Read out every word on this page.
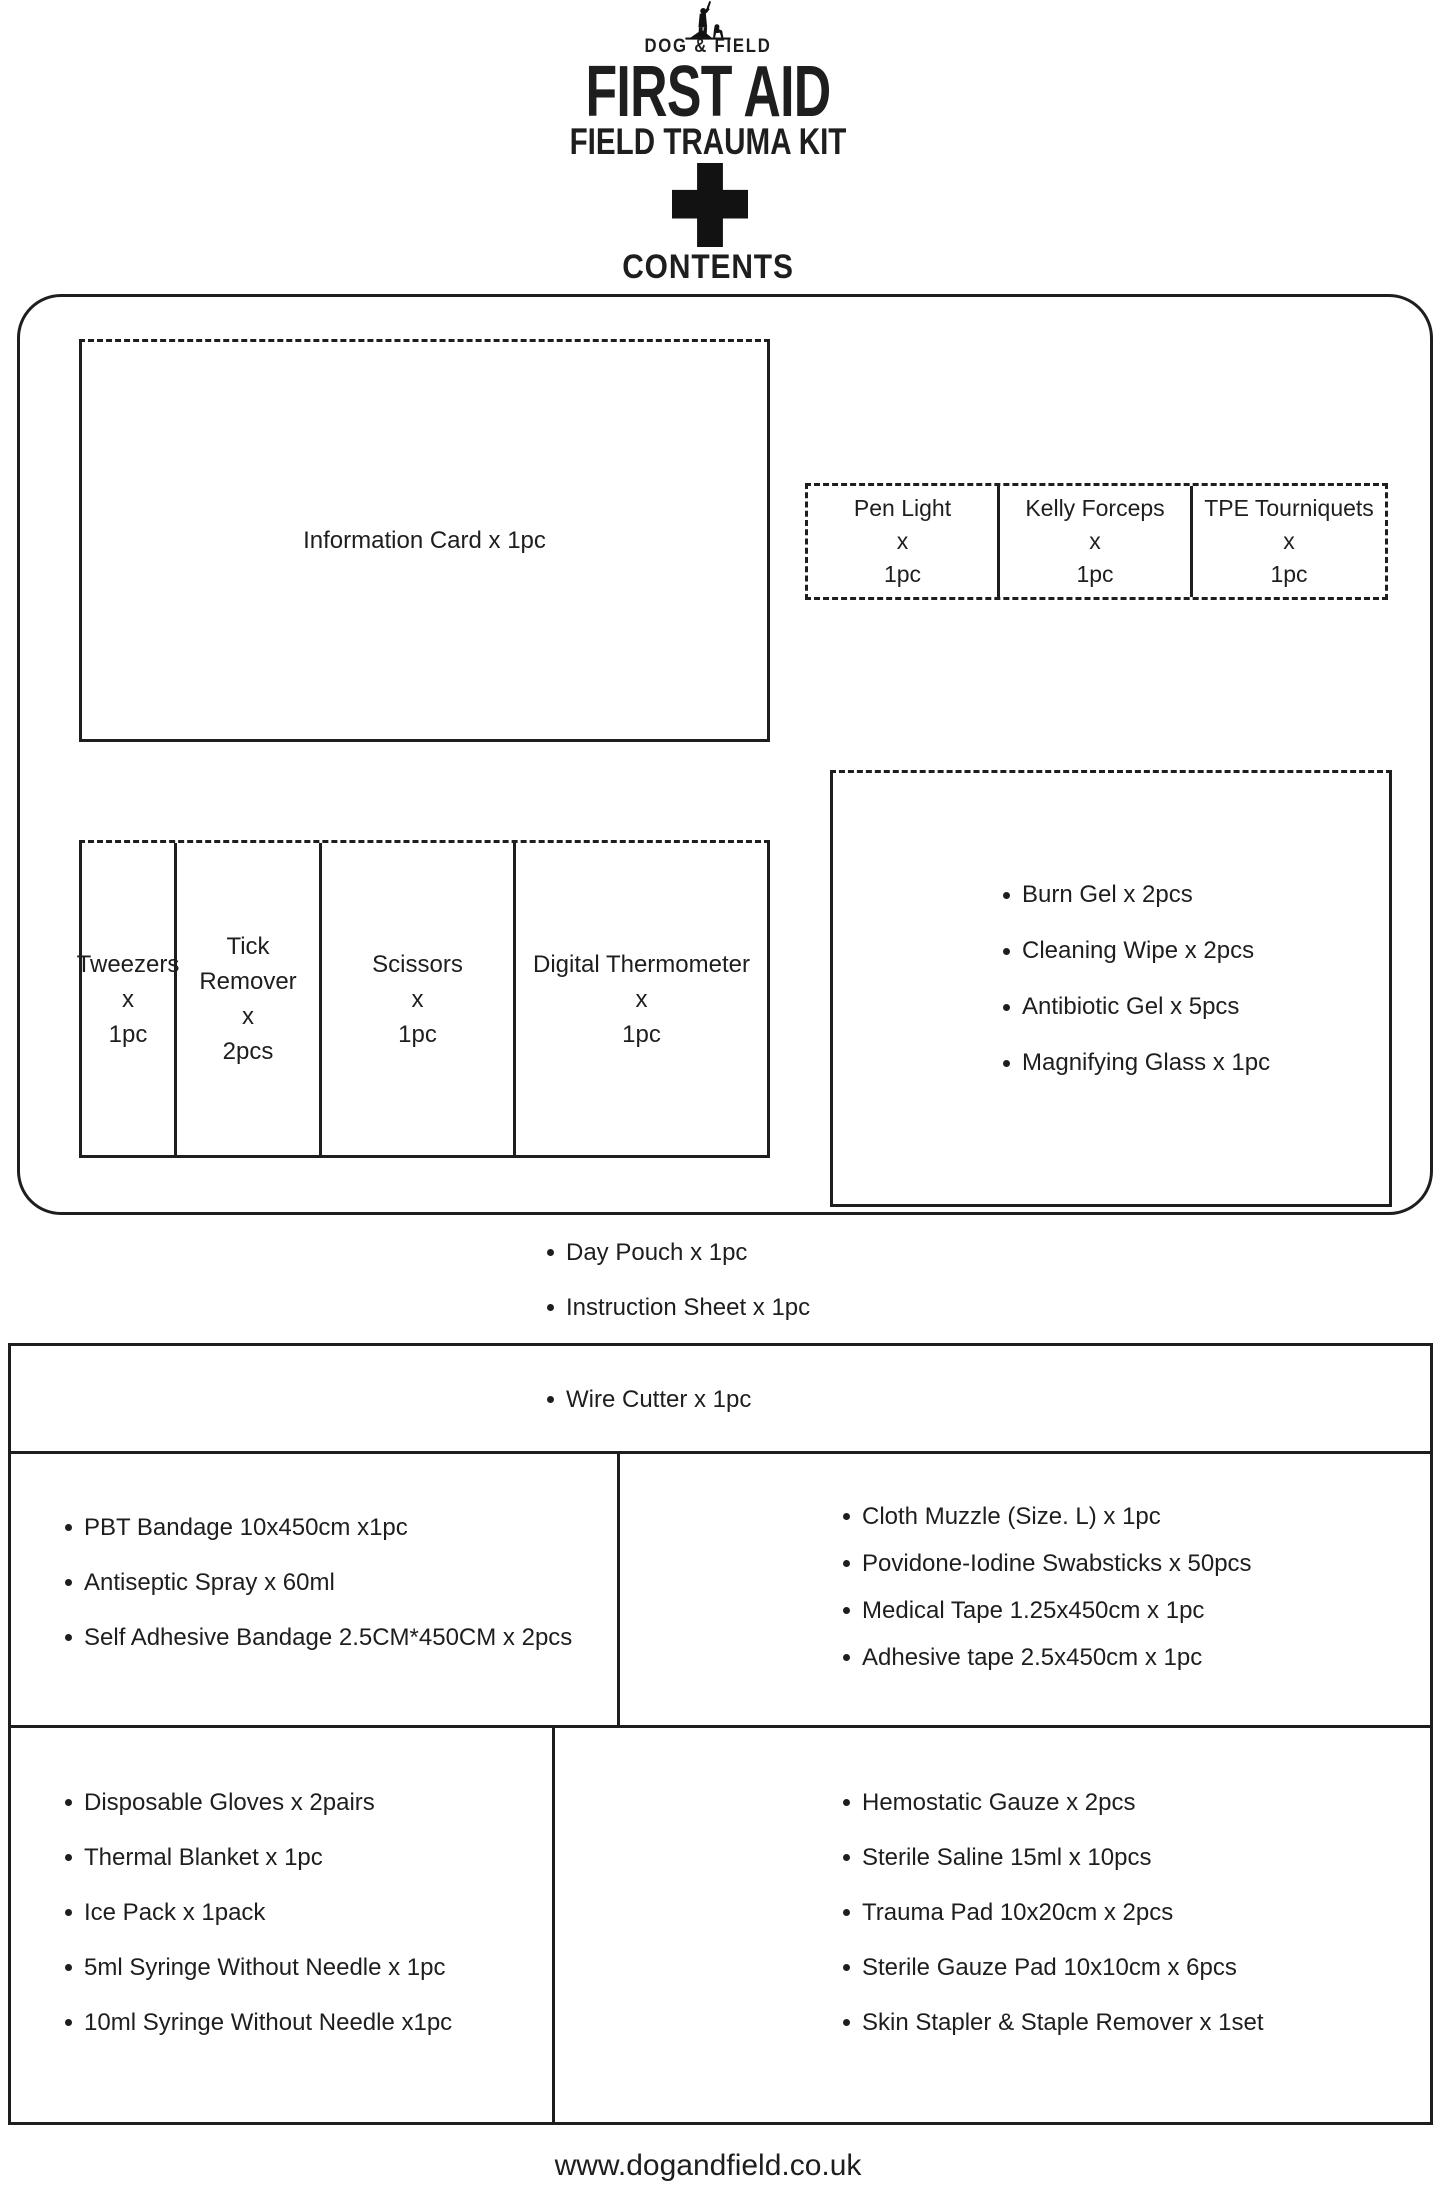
DOG & FIELD
FIRST AID
FIELD TRAUMA KIT
CONTENTS
Information Card x 1pc
Pen Light
x
1pc
Kelly Forceps
x
1pc
TPE Tourniquets
x
1pc
Tweezers
x
1pc
Tick Remover
x
2pcs
Scissors
x
1pc
Digital Thermometer
x
1pc
Burn Gel x 2pcs
Cleaning Wipe x 2pcs
Antibiotic Gel x 5pcs
Magnifying Glass x 1pc
Day Pouch x 1pc
Instruction Sheet x 1pc
Wire Cutter x 1pc
PBT Bandage 10x450cm x1pc
Antiseptic Spray x 60ml
Self Adhesive Bandage 2.5CM*450CM x 2pcs
Cloth Muzzle (Size. L) x 1pc
Povidone-Iodine Swabsticks x 50pcs
Medical Tape 1.25x450cm x 1pc
Adhesive tape 2.5x450cm x 1pc
Disposable Gloves x 2pairs
Thermal Blanket x 1pc
Ice Pack x 1pack
5ml Syringe Without Needle x 1pc
10ml Syringe Without Needle x1pc
Hemostatic Gauze x 2pcs
Sterile Saline 15ml x 10pcs
Trauma Pad 10x20cm x 2pcs
Sterile Gauze Pad 10x10cm x 6pcs
Skin Stapler & Staple Remover x 1set
www.dogandfield.co.uk
